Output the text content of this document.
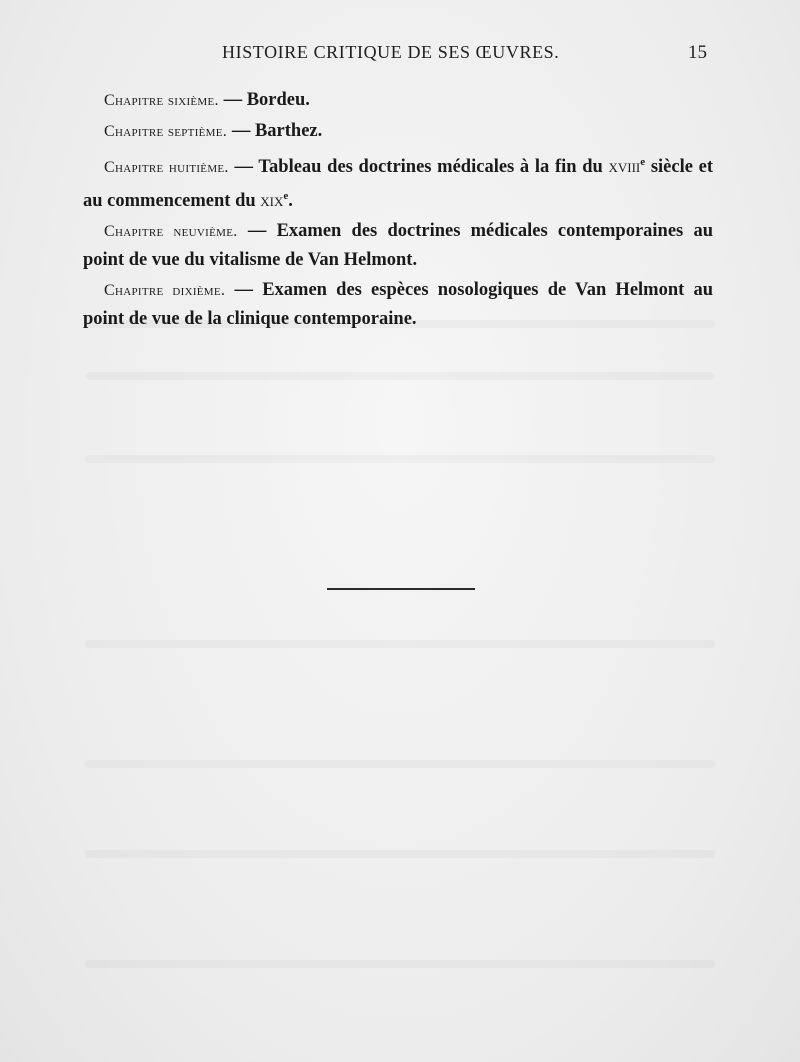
HISTOIRE CRITIQUE DE SES ŒUVRES.	15

Chapitre sixième. — Bordeu.

Chapitre septième. — Barthez.

Chapitre huitième. — Tableau des doctrines médicales à la fin du xviii$^e$ siècle et au commencement du xix$^e$.

Chapitre neuvième. — Examen des doctrines médicales contemporaines au point de vue du vitalisme de Van Helmont.

Chapitre dixième. — Examen des espèces nosologiques de Van Helmont au point de vue de la clinique contemporaine.
